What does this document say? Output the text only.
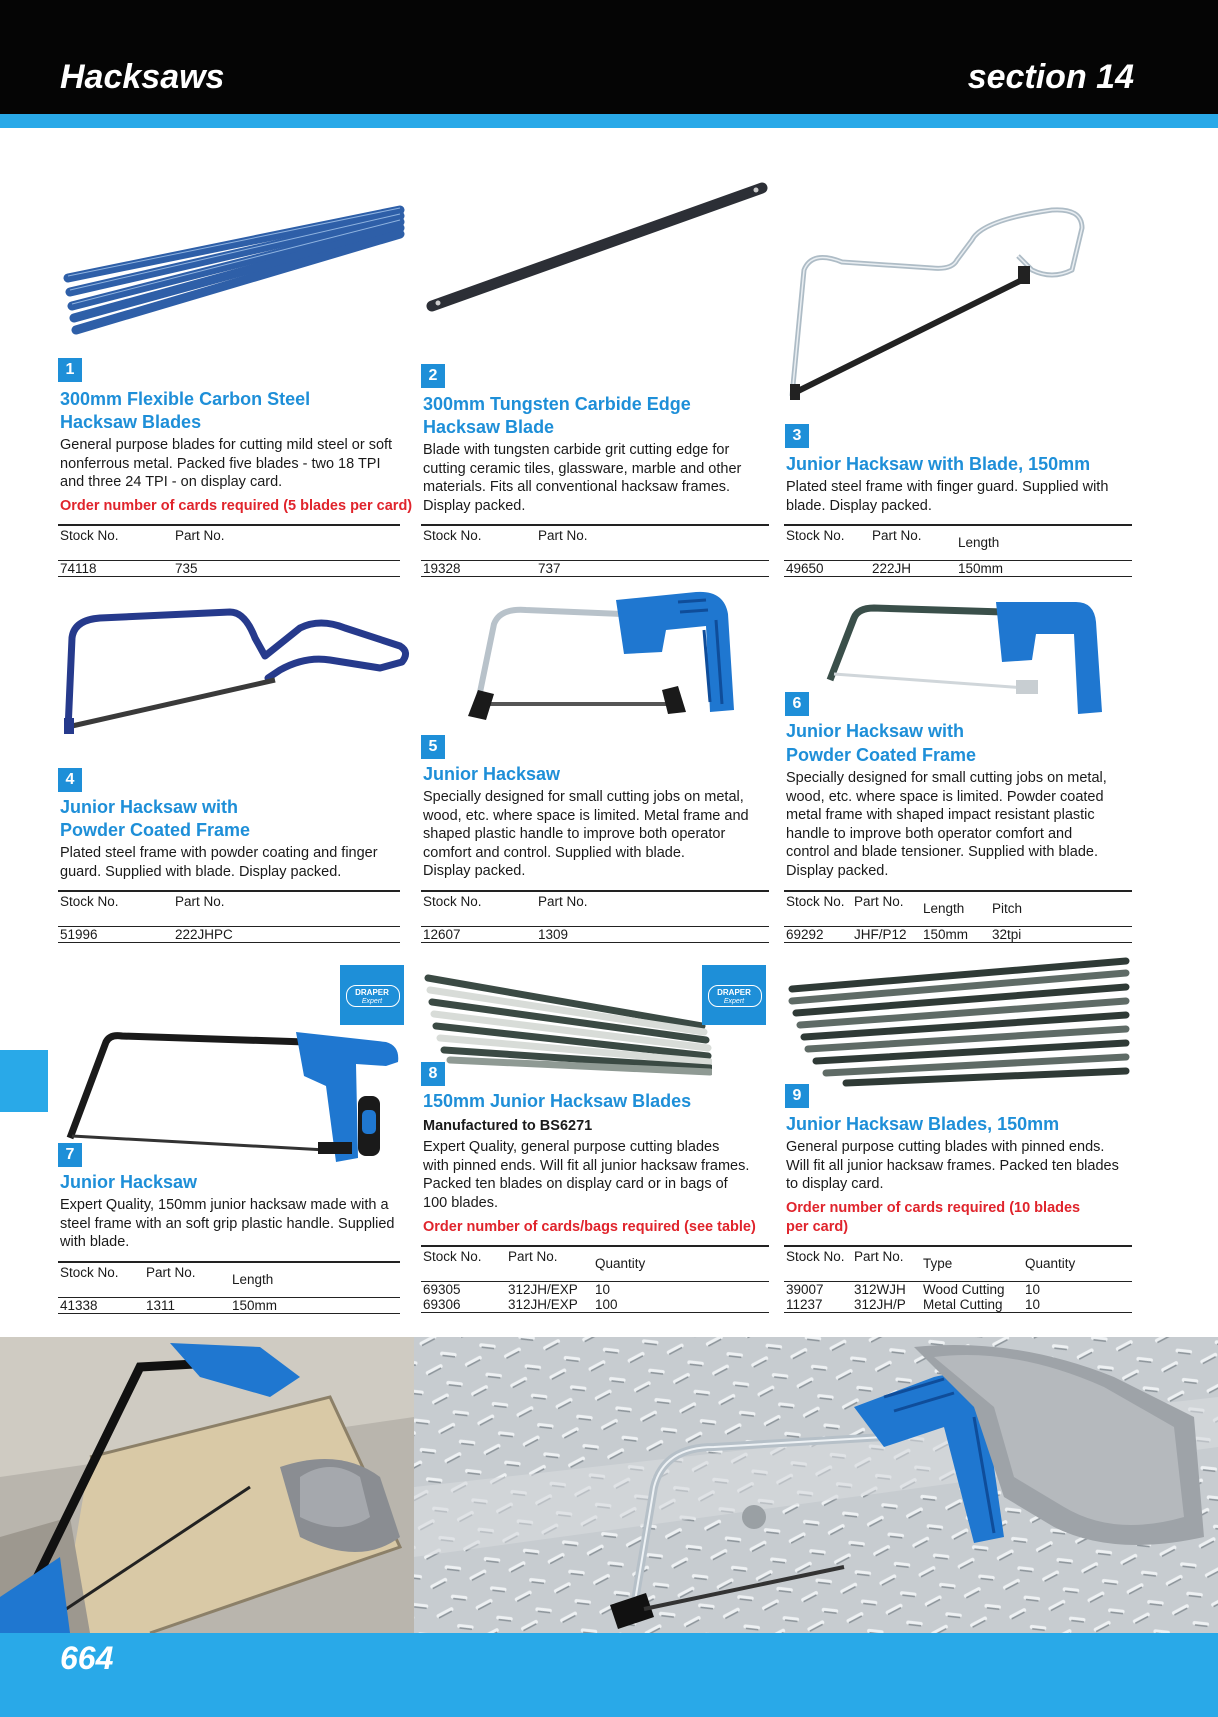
Hacksaws	section 14
1
300mm Flexible Carbon Steel
Hacksaw Blades
General purpose blades for cutting mild steel or soft
nonferrous metal. Packed five blades - two 18 TPI
and three 24 TPI - on display card.
Order number of cards required (5 blades per card)
Stock No.	Part No.
74118	735
2
300mm Tungsten Carbide Edge
Hacksaw Blade
Blade with tungsten carbide grit cutting edge for
cutting ceramic tiles, glassware, marble and other
materials. Fits all conventional hacksaw frames.
Display packed.
Stock No.	Part No.
19328	737
3
Junior Hacksaw with Blade, 150mm
Plated steel frame with finger guard. Supplied with
blade. Display packed.
Stock No. Part No.	Length
49650	222JH	150mm
4
Junior Hacksaw with
Powder Coated Frame
Plated steel frame with powder coating and finger
guard. Supplied with blade. Display packed.
Stock No.	Part No.
51996	222JHPC
5
Junior Hacksaw
Specially designed for small cutting jobs on metal,
wood, etc. where space is limited. Metal frame and
shaped plastic handle to improve both operator
comfort and control. Supplied with blade.
Display packed.
Stock No.	Part No.
12607	1309
6
Junior Hacksaw with
Powder Coated Frame
Specially designed for small cutting jobs on metal,
wood, etc. where space is limited. Powder coated
metal frame with shaped impact resistant plastic
handle to improve both operator comfort and
control and blade tensioner. Supplied with blade.
Display packed.
Stock No. Part No. Length Pitch
69292 JHF/P12 150mm 32tpi
DRAPER
Expert
7
Junior Hacksaw
Expert Quality, 150mm junior hacksaw made with a
steel frame with an soft grip plastic handle. Supplied
with blade.
Stock No. Part No.	Length
41338	1311	150mm
DRAPER
Expert
8
150mm Junior Hacksaw Blades
Manufactured to BS6271
Expert Quality, general purpose cutting blades
with pinned ends. Will fit all junior hacksaw frames.
Packed ten blades on display card or in bags of
100 blades.
Order number of cards/bags required (see table)
Stock No. Part No.	Quantity
69305	312JH/EXP 10
69306	312JH/EXP 100
9
Junior Hacksaw Blades, 150mm
General purpose cutting blades with pinned ends.
Will fit all junior hacksaw frames. Packed ten blades
to display card.
Order number of cards required (10 blades
per card)
Stock No. Part No. Type	Quantity
39007 312WJH Wood Cutting 10
11237 312JH/P Metal Cutting 10
664
